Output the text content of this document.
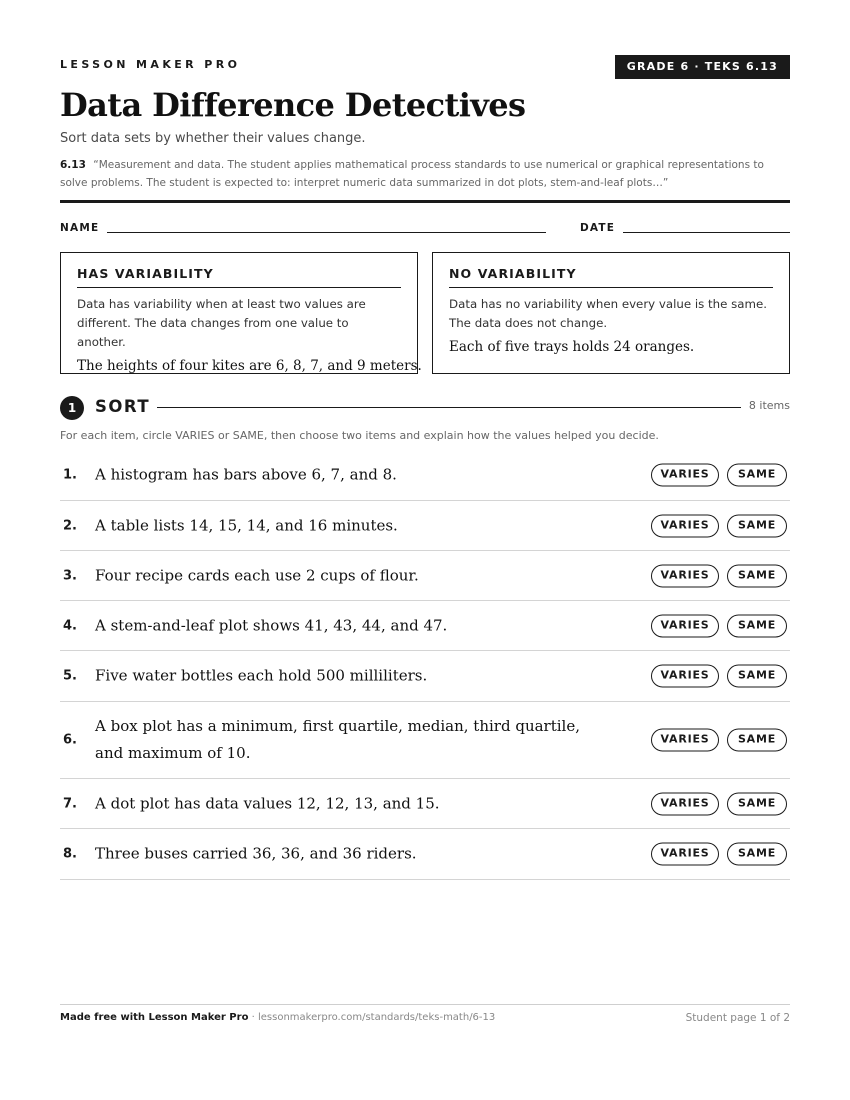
LESSON MAKER PRO	GRADE 6 · TEKS 6.13
Data Difference Detectives
Sort data sets by whether their values change.
6.13 “Measurement and data. The student applies mathematical process standards to use numerical or graphical representations to solve problems. The student is expected to: interpret numeric data summarized in dot plots, stem-and-leaf plots…”
NAME	DATE
HAS VARIABILITY
Data has variability when at least two values are different. The data changes from one value to another.
The heights of four kites are 6, 8, 7, and 9 meters.
NO VARIABILITY
Data has no variability when every value is the same. The data does not change.
Each of five trays holds 24 oranges.
1	SORT	8 items
For each item, circle VARIES or SAME, then choose two items and explain how the values helped you decide.
1. A histogram has bars above 6, 7, and 8.	VARIES	SAME
2. A table lists 14, 15, 14, and 16 minutes.	VARIES	SAME
3. Four recipe cards each use 2 cups of flour.	VARIES	SAME
4. A stem-and-leaf plot shows 41, 43, 44, and 47.	VARIES	SAME
5. Five water bottles each hold 500 milliliters.	VARIES	SAME
6.
A box plot has a minimum, first quartile, median, third quartile, and maximum of 10.
VARIES	SAME
7. A dot plot has data values 12, 12, 13, and 15.	VARIES	SAME
8. Three buses carried 36, 36, and 36 riders.	VARIES	SAME
Made free with Lesson Maker Pro · lessonmakerpro.com/standards/teks-math/6-13	Student page 1 of 2
